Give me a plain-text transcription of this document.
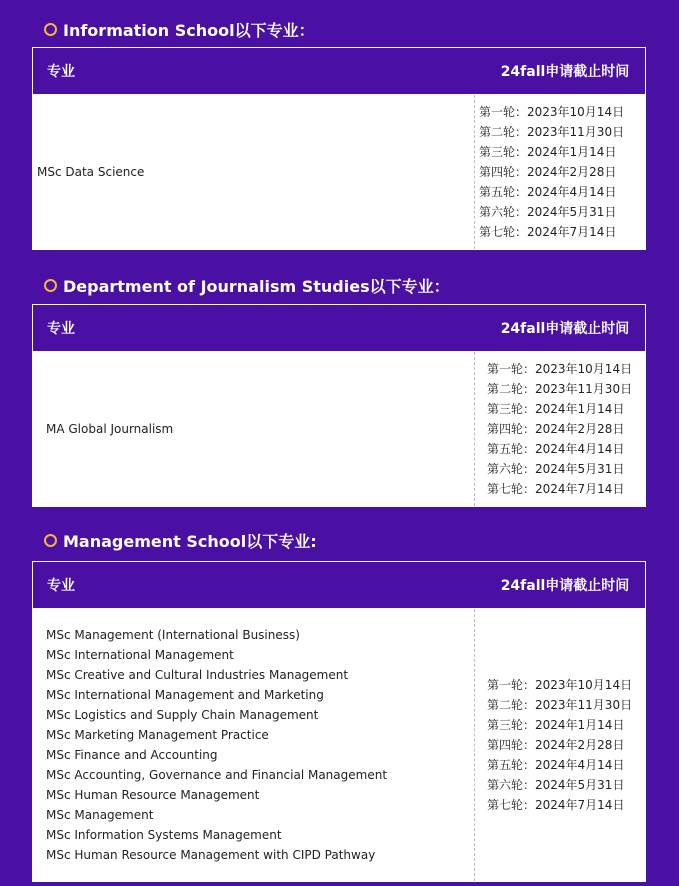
Information School以下专业：
专业	24fall申请截止时间
MSc Data Science
第一轮：2023年10月14日
第二轮：2023年11月30日
第三轮：2024年1月14日
第四轮：2024年2月28日
第五轮：2024年4月14日
第六轮：2024年5月31日
第七轮：2024年7月14日
Department of Journalism Studies以下专业：
专业	24fall申请截止时间
MA Global Journalism
第一轮：2023年10月14日
第二轮：2023年11月30日
第三轮：2024年1月14日
第四轮：2024年2月28日
第五轮：2024年4月14日
第六轮：2024年5月31日
第七轮：2024年7月14日
Management School以下专业:
专业	24fall申请截止时间
MSc Management (International Business)
MSc International Management
MSc Creative and Cultural Industries Management
MSc International Management and Marketing
MSc Logistics and Supply Chain Management
MSc Marketing Management Practice
MSc Finance and Accounting
MSc Accounting, Governance and Financial Management
MSc Human Resource Management
MSc Management
MSc Information Systems Management
MSc Human Resource Management with CIPD Pathway
第一轮：2023年10月14日
第二轮：2023年11月30日
第三轮：2024年1月14日
第四轮：2024年2月28日
第五轮：2024年4月14日
第六轮：2024年5月31日
第七轮：2024年7月14日
